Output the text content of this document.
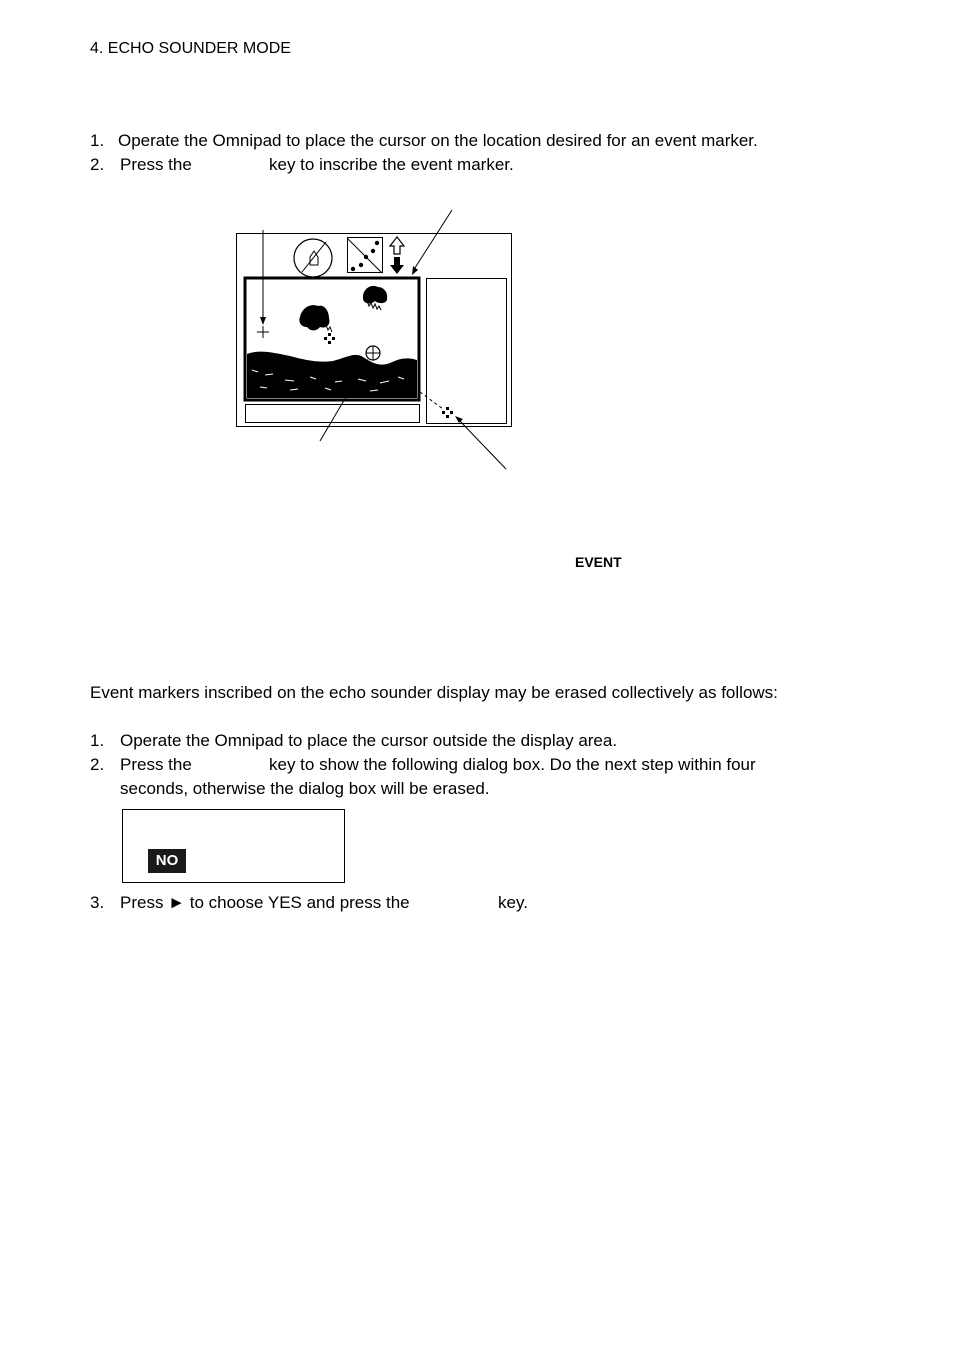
4. ECHO SOUNDER MODE
1. Operate the Omnipad to place the cursor on the location desired for an event marker.
2. Press the	key to inscribe the event marker.
EVENT
Event markers inscribed on the echo sounder display may be erased collectively as follows:
1. Operate the Omnipad to place the cursor outside the display area.
2. Press the	key to show the following dialog box. Do the next step within four
seconds, otherwise the dialog box will be erased.
NO
3. Press ► to choose YES and press the	key.
